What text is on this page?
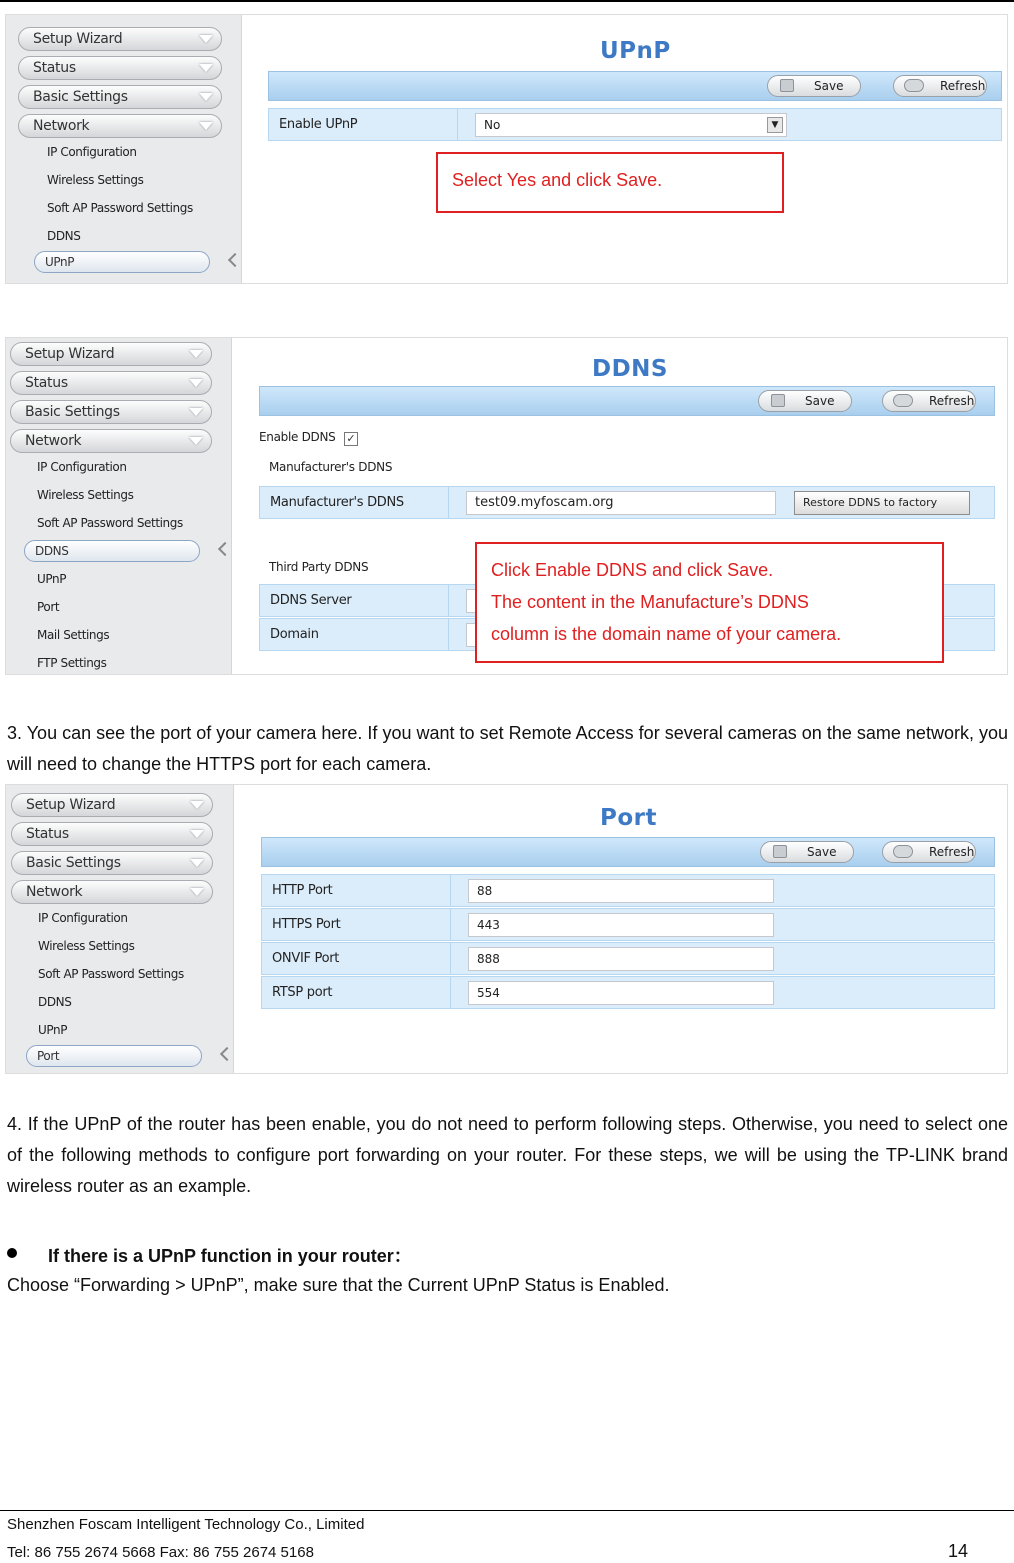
Setup Wizard
Status
Basic Settings
Network
IP Configuration
Wireless Settings
Soft AP Password Settings
DDNS
UPnP
UPnP
Save	Refresh
Enable UPnP	No	▼
Select Yes and click Save.
Setup Wizard
Status
Basic Settings
Network
IP Configuration
Wireless Settings
Soft AP Password Settings
DDNS
UPnP
Port
Mail Settings
FTP Settings
DDNS
Save	Refresh
Enable DDNS ✓
Manufacturer's DDNS
Manufacturer's DDNS	test09.myfoscam.org	Restore DDNS to factory
Third Party DDNS
DDNS Server
Domain
Click Enable DDNS and click Save.
The content in the Manufacture’s DDNS
column is the domain name of your camera.
3. You can see the port of your camera here. If you want to set Remote Access for several cameras on the same network, you will need to change the HTTPS port for each camera.
Setup Wizard
Status
Basic Settings
Network
IP Configuration
Wireless Settings
Soft AP Password Settings
DDNS
UPnP
Port
Port
Save	Refresh
HTTP Port	88
HTTPS Port	443
ONVIF Port	888
RTSP port	554
4. If the UPnP of the router has been enable, you do not need to perform following steps. Otherwise, you need to select one of the following methods to configure port forwarding on your router. For these steps, we will be using the TP-LINK brand wireless router as an example.
If there is a UPnP function in your router：
Choose “Forwarding > UPnP”, make sure that the Current UPnP Status is Enabled.
Shenzhen Foscam Intelligent Technology Co., Limited
Tel: 86 755 2674 5668 Fax: 86 755 2674 5168	14
